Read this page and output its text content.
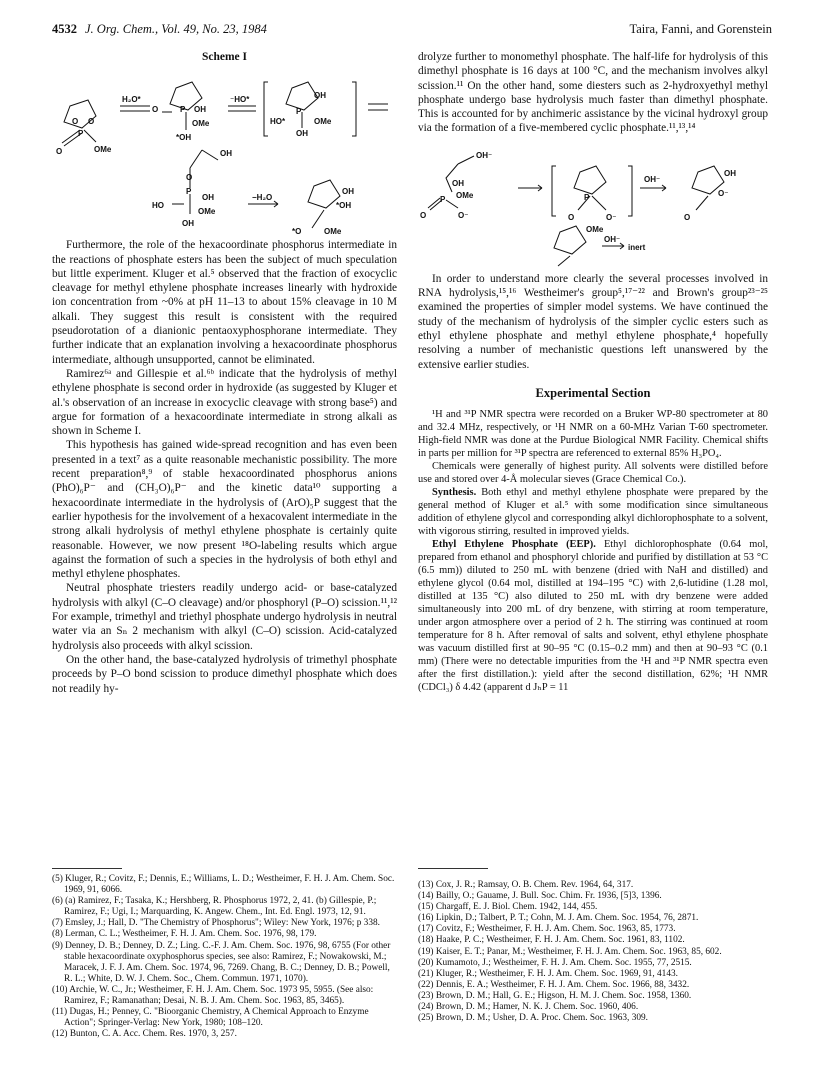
4532 J. Org. Chem., Vol. 49, No. 23, 1984	Taira, Fanni, and Gorenstein
Scheme I
O O
P
O	OMe
H₂O*
O	P OH
OMe
*OH
⁻HO*
P
OH
HO*	OMe
OH
OH
O
HO
P
OH
OMe
OH
−H₂O
OH
*OH
*O	OMe

Furthermore, the role of the hexacoordinate phosphorus intermediate in the reactions of phosphate esters has been the subject of much speculation but little experiment. Kluger et al.⁵ observed that the fraction of exocyclic cleavage for methyl ethylene phosphate increases linearly with hydroxide ion concentration from ~0% at pH 11–13 to about 15% cleavage in 10 M alkali. They suggest this result is consistent with the required pseudorotation of a dianionic pentaoxyphosphorane intermediate. They further indicate that an explanation involving a hexacoordinate phosphorus intermediate, although unsupported, cannot be eliminated.

Ramirez⁶ᵃ and Gillespie et al.⁶ᵇ indicate that the hydrolysis of methyl ethylene phosphate is second order in hydroxide (as suggested by Kluger et al.'s observation of an increase in exocyclic cleavage with strong base⁵) and argue for formation of a hexacoordinate intermediate in strong alkali as shown in Scheme I.

This hypothesis has gained wide-spread recognition and has even been presented in a text⁷ as a quite reasonable mechanistic possibility. The more recent preparation⁸,⁹ of stable hexacoordinated phosphorus anions (PhO)₆P⁻ and (CH₃O)₆P⁻ and the kinetic data¹⁰ supporting a hexacoordinate intermediate in the hydrolysis of (ArO)₅P suggest that the earlier hypothesis for the involvement of a hexacovalent intermediate in the strong alkali hydrolysis of methyl ethylene phosphate is certainly quite reasonable. However, we now present ¹⁸O-labeling results which argue against the formation of such a species in the hydrolysis of both ethyl and methyl ethylene phosphates.

Neutral phosphate triesters readily undergo acid- or base-catalyzed hydrolysis with alkyl (C–O cleavage) and/or phosphoryl (P–O) scission.¹¹,¹² For example, trimethyl and triethyl phosphate undergo hydrolysis in neutral water via an Sₙ 2 mechanism with alkyl (C–O) scission. Acid-catalyzed hydrolysis also proceeds with alkyl scission.

On the other hand, the base-catalyzed hydrolysis of trimethyl phosphate proceeds by P–O bond scission to produce dimethyl phosphate which does not readily hy-

drolyze further to monomethyl phosphate. The half-life for hydrolysis of this dimethyl phosphate is 16 days at 100 °C, and the mechanism involves alkyl scission.¹¹ On the other hand, some diesters such as 2-hydroxyethyl methyl phosphate undergo base hydrolysis much faster than dimethyl phosphate. This is accounted for by anchimeric assistance by the vicinal hydroxyl group via the formation of a five-membered cyclic phosphate.¹¹,¹³,¹⁴

OH⁻
OH
OMe
P
O	O⁻
P
O	O⁻
OH⁻
OH
O⁻
O
OMe
OH⁻
inert

In order to understand more clearly the several processes involved in RNA hydrolysis,¹⁵,¹⁶ Westheimer's group⁵,¹⁷⁻²² and Brown's group²³⁻²⁵ examined the properties of simpler model systems. We have continued the study of the mechanism of hydrolysis of the simpler cyclic esters such as ethyl ethylene phosphate and methyl ethylene phosphate,⁴ hopefully resolving a number of mechanistic questions left unanswered by the extensive earlier studies.

Experimental Section

¹H and ³¹P NMR spectra were recorded on a Bruker WP-80 spectrometer at 80 and 32.4 MHz, respectively, or ¹H NMR on a 60-MHz Varian T-60 spectrometer. High-field NMR was done at the Purdue Biological NMR Facility. Chemical shifts in parts per million for ³¹P spectra are referenced to external 85% H₃PO₄.

Chemicals were generally of highest purity. All solvents were distilled before use and stored over 4-Å molecular sieves (Grace Chemical Co.).

Synthesis. Both ethyl and methyl ethylene phosphate were prepared by the general method of Kluger et al.⁵ with some modification since simultaneous addition of ethylene glycol and corresponding alkyl dichlorophosphate to a solvent, with vigorous stirring, resulted in improved yields.

Ethyl Ethylene Phosphate (EEP). Ethyl dichlorophosphate (0.64 mol, prepared from ethanol and phosphoryl chloride and purified by distillation at 53 °C (6.5 mm)) diluted to 250 mL with benzene (dried with NaH and distilled) and ethylene glycol (0.64 mol, distilled at 194–195 °C) with 2,6-lutidine (1.28 mol, distilled at 135 °C) also diluted to 250 mL with dry benzene were added simultaneously into 200 mL of dry benzene, with stirring at room temperature, under argon atmosphere over a period of 2 h. The stirring was continued at room temperature for 8 h. After removal of salts and solvent, ethyl ethylene phosphate was vacuum distilled first at 90–95 °C (0.15–0.2 mm) and then at 90–93 °C (0.1 mm) (There were no detectable impurities from the ¹H and ³¹P NMR spectra even after the first distillation.): yield after the second distillation, 62%; ¹H NMR (CDCl₃) δ 4.42 (apparent d JₕP = 11

(5) Kluger, R.; Covitz, F.; Dennis, E.; Williams, L. D.; Westheimer, F. H. J. Am. Chem. Soc. 1969, 91, 6066.
(6) (a) Ramirez, F.; Tasaka, K.; Hershberg, R. Phosphorus 1972, 2, 41. (b) Gillespie, P.; Ramirez, F.; Ugi, I.; Marquarding, K. Angew. Chem., Int. Ed. Engl. 1973, 12, 91.
(7) Emsley, J.; Hall, D. "The Chemistry of Phosphorus"; Wiley: New York, 1976; p 338.
(8) Lerman, C. L.; Westheimer, F. H. J. Am. Chem. Soc. 1976, 98, 179.
(9) Denney, D. B.; Denney, D. Z.; Ling. C.-F. J. Am. Chem. Soc. 1976, 98, 6755 (For other stable hexacoordinate oxyphosphorus species, see also: Ramirez, F.; Nowakowski, M.; Maracek, J. F. J. Am. Chem. Soc. 1974, 96, 7269. Chang, B. C.; Denney, D. B.; Powell, R. L.; White, D. W. J. Chem. Soc., Chem. Commun. 1971, 1070).
(10) Archie, W. C., Jr.; Westheimer, F. H. J. Am. Chem. Soc. 1973 95, 5955. (See also: Ramirez, F.; Ramanathan; Desai, N. B. J. Am. Chem. Soc. 1963, 85, 3465).
(11) Dugas, H.; Penney, C. "Bioorganic Chemistry, A Chemical Approach to Enzyme Action"; Springer-Verlag: New York, 1980; 108–120.
(12) Bunton, C. A. Acc. Chem. Res. 1970, 3, 257.
(13) Cox, J. R.; Ramsay, O. B. Chem. Rev. 1964, 64, 317.
(14) Bailly, O.; Gauame, J. Bull. Soc. Chim. Fr. 1936, [5]3, 1396.
(15) Chargaff, E. J. Biol. Chem. 1942, 144, 455.
(16) Lipkin, D.; Talbert, P. T.; Cohn, M. J. Am. Chem. Soc. 1954, 76, 2871.
(17) Covitz, F.; Westheimer, F. H. J. Am. Chem. Soc. 1963, 85, 1773.
(18) Haake, P. C.; Westheimer, F. H. J. Am. Chem. Soc. 1961, 83, 1102.
(19) Kaiser, E. T.; Panar, M.; Westheimer, F. H. J. Am. Chem. Soc. 1963, 85, 602.
(20) Kumamoto, J.; Westheimer, F. H. J. Am. Chem. Soc. 1955, 77, 2515.
(21) Kluger, R.; Westheimer, F. H. J. Am. Chem. Soc. 1969, 91, 4143.
(22) Dennis, E. A.; Westheimer, F. H. J. Am. Chem. Soc. 1966, 88, 3432.
(23) Brown, D. M.; Hall, G. E.; Higson, H. M. J. Chem. Soc. 1958, 1360.
(24) Brown, D. M.; Hamer, N. K. J. Chem. Soc. 1960, 406.
(25) Brown, D. M.; Usher, D. A. Proc. Chem. Soc. 1963, 309.
